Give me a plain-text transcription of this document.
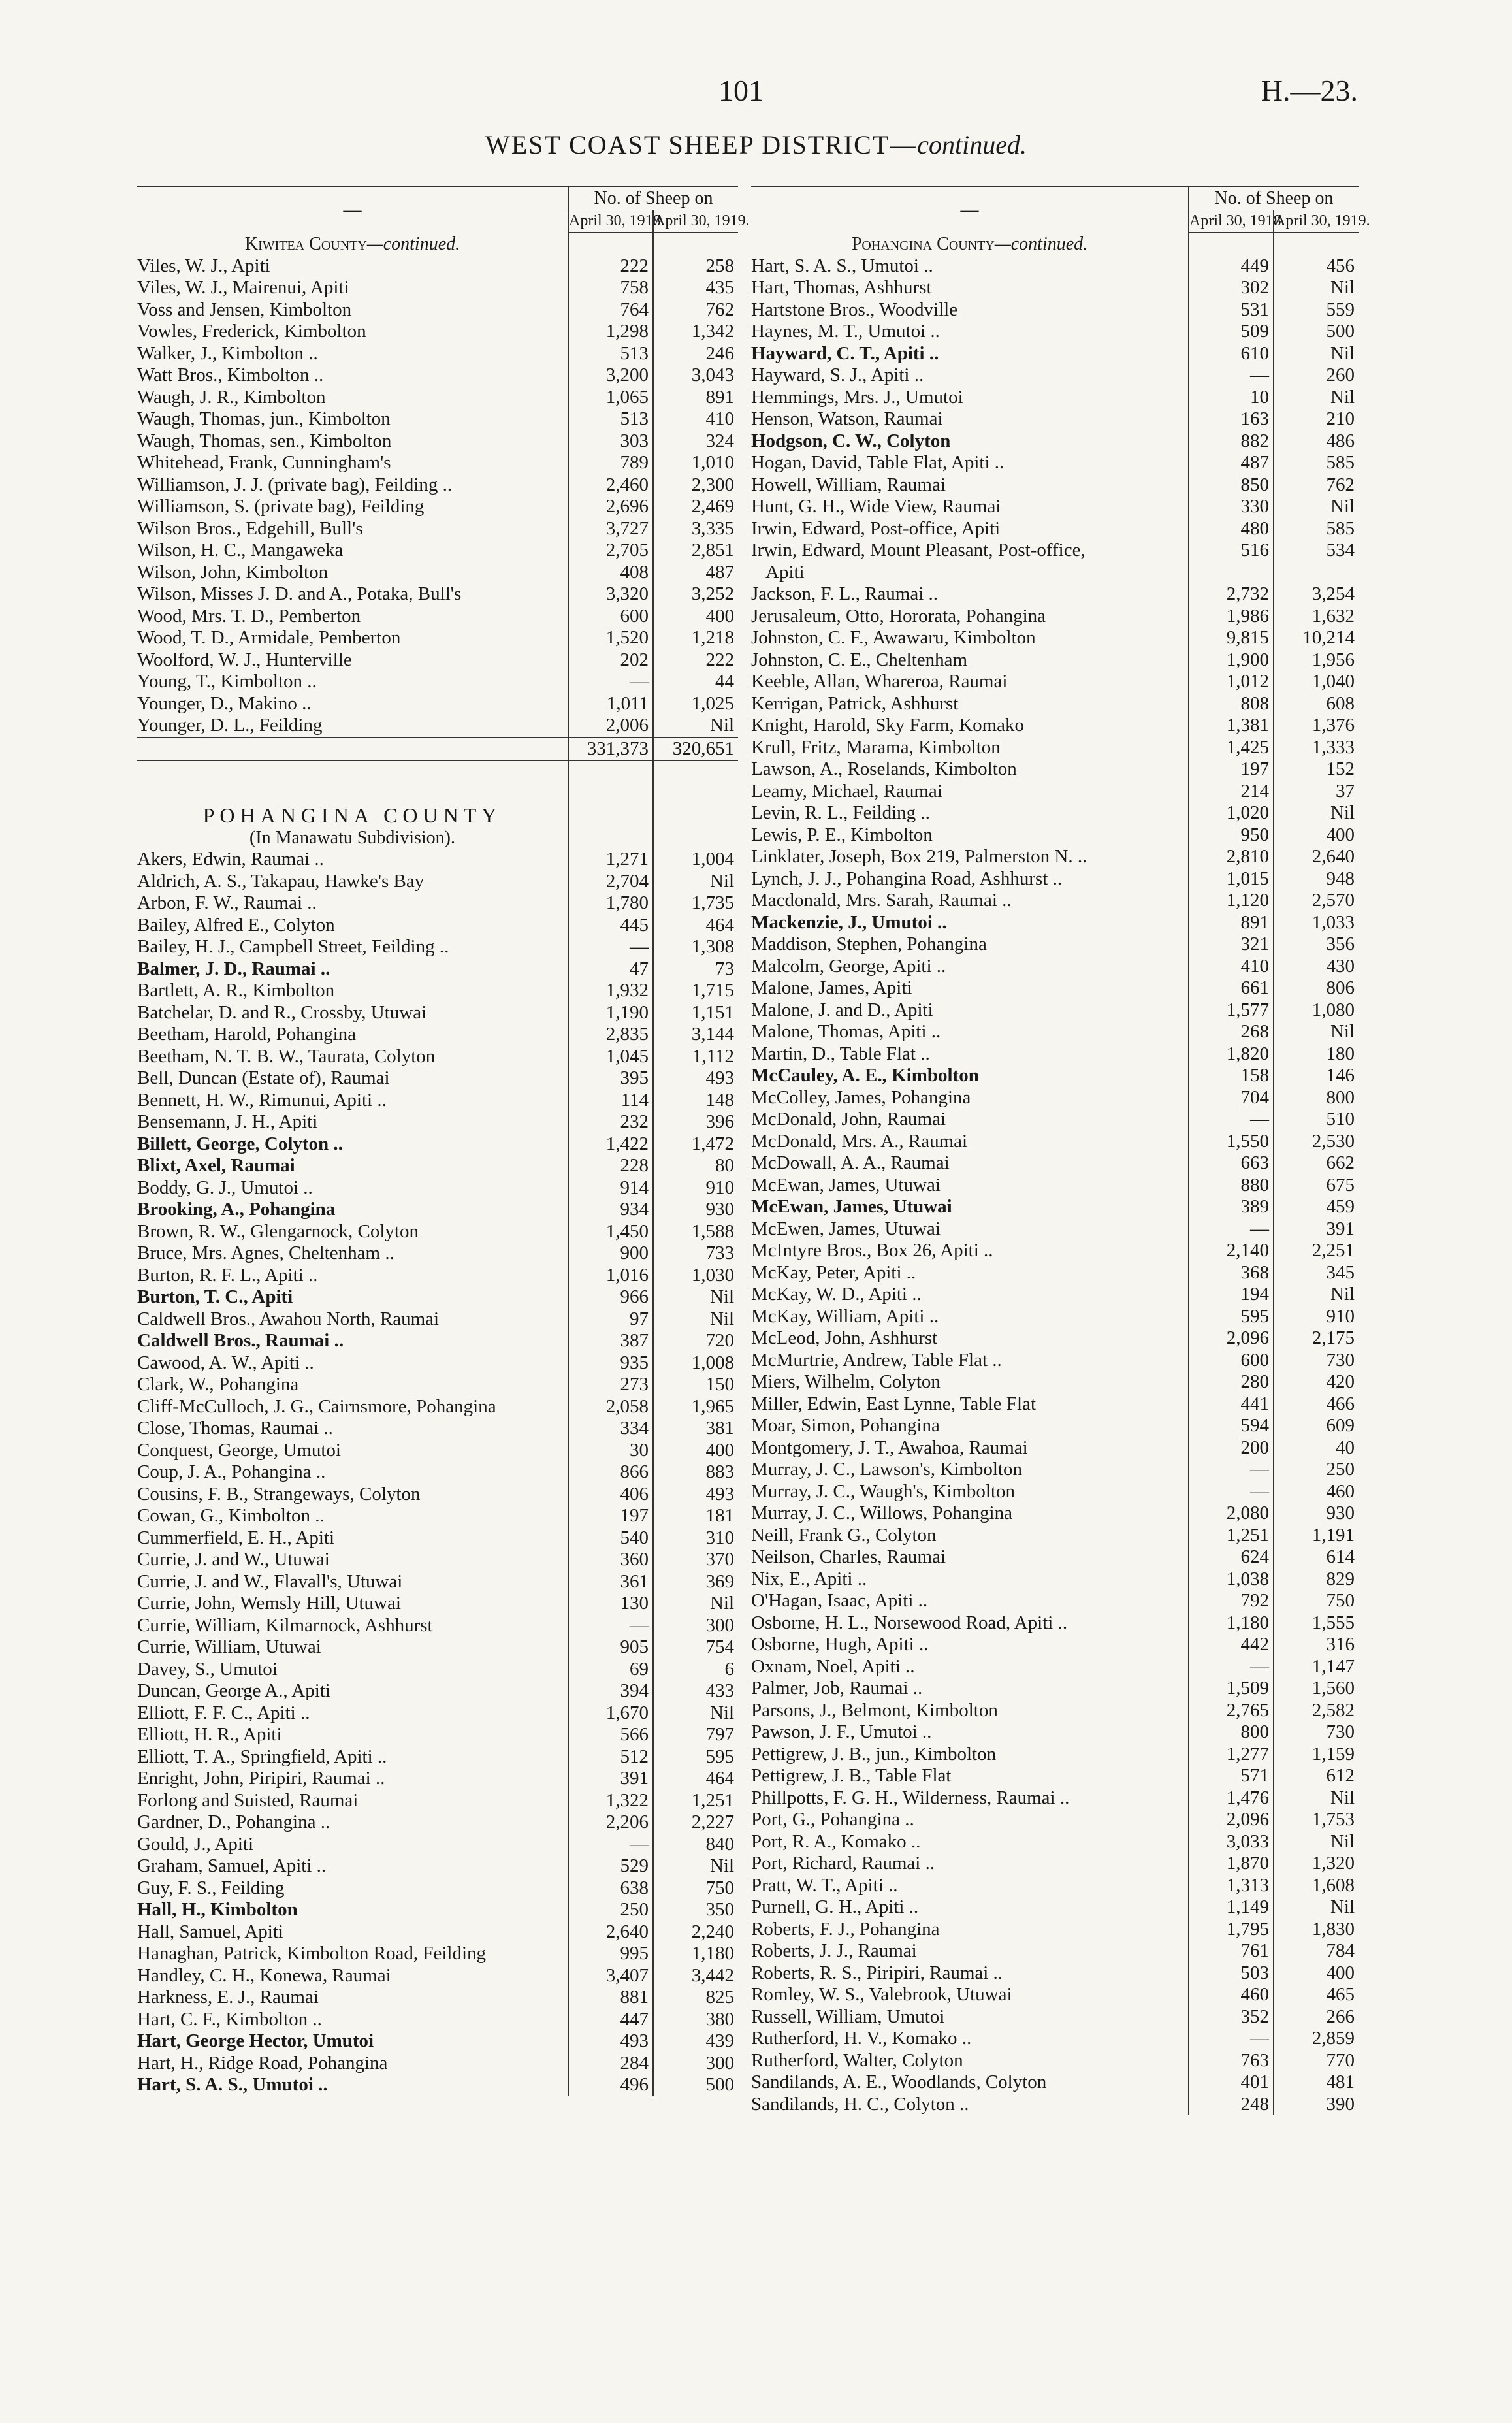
101	H.—23.
WEST COAST SHEEP DISTRICT—continued.
—	No. of Sheep on	
	April 30, 1918.	April 30, 1919.
Kiwitea County—continued.		
Viles, W. J., Apiti	222	258
Viles, W. J., Mairenui, Apiti	758	435
Voss and Jensen, Kimbolton	764	762
Vowles, Frederick, Kimbolton	1,298	1,342
Walker, J., Kimbolton ..	513	246
Watt Bros., Kimbolton ..	3,200	3,043
Waugh, J. R., Kimbolton	1,065	891
Waugh, Thomas, jun., Kimbolton	513	410
Waugh, Thomas, sen., Kimbolton	303	324
Whitehead, Frank, Cunningham's	789	1,010
Williamson, J. J. (private bag), Feilding ..	2,460	2,300
Williamson, S. (private bag), Feilding	2,696	2,469
Wilson Bros., Edgehill, Bull's	3,727	3,335
Wilson, H. C., Mangaweka	2,705	2,851
Wilson, John, Kimbolton	408	487
Wilson, Misses J. D. and A., Potaka, Bull's	3,320	3,252
Wood, Mrs. T. D., Pemberton	600	400
Wood, T. D., Armidale, Pemberton	1,520	1,218
Woolford, W. J., Hunterville	202	222
Young, T., Kimbolton ..	—	44
Younger, D., Makino ..	1,011	1,025
Younger, D. L., Feilding	2,006	Nil
	331,373	320,651

POHANGINA COUNTY		
(In Manawatu Subdivision).		
Akers, Edwin, Raumai ..	1,271	1,004
Aldrich, A. S., Takapau, Hawke's Bay	2,704	Nil
Arbon, F. W., Raumai ..	1,780	1,735
Bailey, Alfred E., Colyton	445	464
Bailey, H. J., Campbell Street, Feilding ..	—	1,308
Balmer, J. D., Raumai ..	47	73
Bartlett, A. R., Kimbolton	1,932	1,715
Batchelar, D. and R., Crossby, Utuwai	1,190	1,151
Beetham, Harold, Pohangina	2,835	3,144
Beetham, N. T. B. W., Taurata, Colyton	1,045	1,112
Bell, Duncan (Estate of), Raumai	395	493
Bennett, H. W., Rimunui, Apiti ..	114	148
Bensemann, J. H., Apiti	232	396
Billett, George, Colyton ..	1,422	1,472
Blixt, Axel, Raumai	228	80
Boddy, G. J., Umutoi ..	914	910
Brooking, A., Pohangina	934	930
Brown, R. W., Glengarnock, Colyton	1,450	1,588
Bruce, Mrs. Agnes, Cheltenham ..	900	733
Burton, R. F. L., Apiti ..	1,016	1,030
Burton, T. C., Apiti	966	Nil
Caldwell Bros., Awahou North, Raumai	97	Nil
Caldwell Bros., Raumai ..	387	720
Cawood, A. W., Apiti ..	935	1,008
Clark, W., Pohangina	273	150
Cliff-McCulloch, J. G., Cairnsmore, Pohangina	2,058	1,965
Close, Thomas, Raumai ..	334	381
Conquest, George, Umutoi	30	400
Coup, J. A., Pohangina ..	866	883
Cousins, F. B., Strangeways, Colyton	406	493
Cowan, G., Kimbolton ..	197	181
Cummerfield, E. H., Apiti	540	310
Currie, J. and W., Utuwai	360	370
Currie, J. and W., Flavall's, Utuwai	361	369
Currie, John, Wemsly Hill, Utuwai	130	Nil
Currie, William, Kilmarnock, Ashhurst	—	300
Currie, William, Utuwai	905	754
Davey, S., Umutoi	69	6
Duncan, George A., Apiti	394	433
Elliott, F. F. C., Apiti ..	1,670	Nil
Elliott, H. R., Apiti	566	797
Elliott, T. A., Springfield, Apiti ..	512	595
Enright, John, Piripiri, Raumai ..	391	464
Forlong and Suisted, Raumai	1,322	1,251
Gardner, D., Pohangina ..	2,206	2,227
Gould, J., Apiti	—	840
Graham, Samuel, Apiti ..	529	Nil
Guy, F. S., Feilding	638	750
Hall, H., Kimbolton	250	350
Hall, Samuel, Apiti	2,640	2,240
Hanaghan, Patrick, Kimbolton Road, Feilding	995	1,180
Handley, C. H., Konewa, Raumai	3,407	3,442
Harkness, E. J., Raumai	881	825
Hart, C. F., Kimbolton ..	447	380
Hart, George Hector, Umutoi	493	439
Hart, H., Ridge Road, Pohangina	284	300
Hart, S. A. S., Umutoi ..	496	500
—	No. of Sheep on	
	April 30, 1918.	April 30, 1919.
Pohangina County—continued.		
Hart, S. A. S., Umutoi ..	449	456
Hart, Thomas, Ashhurst	302	Nil
Hartstone Bros., Woodville	531	559
Haynes, M. T., Umutoi ..	509	500
Hayward, C. T., Apiti ..	610	Nil
Hayward, S. J., Apiti ..	—	260
Hemmings, Mrs. J., Umutoi	10	Nil
Henson, Watson, Raumai	163	210
Hodgson, C. W., Colyton	882	486
Hogan, David, Table Flat, Apiti ..	487	585
Howell, William, Raumai	850	762
Hunt, G. H., Wide View, Raumai	330	Nil
Irwin, Edward, Post-office, Apiti	480	585
Irwin, Edward, Mount Pleasant, Post-office,	516	534
Apiti		
Jackson, F. L., Raumai ..	2,732	3,254
Jerusaleum, Otto, Hororata, Pohangina	1,986	1,632
Johnston, C. F., Awawaru, Kimbolton	9,815	10,214
Johnston, C. E., Cheltenham	1,900	1,956
Keeble, Allan, Whareroa, Raumai	1,012	1,040
Kerrigan, Patrick, Ashhurst	808	608
Knight, Harold, Sky Farm, Komako	1,381	1,376
Krull, Fritz, Marama, Kimbolton	1,425	1,333
Lawson, A., Roselands, Kimbolton	197	152
Leamy, Michael, Raumai	214	37
Levin, R. L., Feilding ..	1,020	Nil
Lewis, P. E., Kimbolton	950	400
Linklater, Joseph, Box 219, Palmerston N. ..	2,810	2,640
Lynch, J. J., Pohangina Road, Ashhurst ..	1,015	948
Macdonald, Mrs. Sarah, Raumai ..	1,120	2,570
Mackenzie, J., Umutoi ..	891	1,033
Maddison, Stephen, Pohangina	321	356
Malcolm, George, Apiti ..	410	430
Malone, James, Apiti	661	806
Malone, J. and D., Apiti	1,577	1,080
Malone, Thomas, Apiti ..	268	Nil
Martin, D., Table Flat ..	1,820	180
McCauley, A. E., Kimbolton	158	146
McColley, James, Pohangina	704	800
McDonald, John, Raumai	—	510
McDonald, Mrs. A., Raumai	1,550	2,530
McDowall, A. A., Raumai	663	662
McEwan, James, Utuwai	880	675
McEwan, James, Utuwai	389	459
McEwen, James, Utuwai	—	391
McIntyre Bros., Box 26, Apiti ..	2,140	2,251
McKay, Peter, Apiti ..	368	345
McKay, W. D., Apiti ..	194	Nil
McKay, William, Apiti ..	595	910
McLeod, John, Ashhurst	2,096	2,175
McMurtrie, Andrew, Table Flat ..	600	730
Miers, Wilhelm, Colyton	280	420
Miller, Edwin, East Lynne, Table Flat	441	466
Moar, Simon, Pohangina	594	609
Montgomery, J. T., Awahoa, Raumai	200	40
Murray, J. C., Lawson's, Kimbolton	—	250
Murray, J. C., Waugh's, Kimbolton	—	460
Murray, J. C., Willows, Pohangina	2,080	930
Neill, Frank G., Colyton	1,251	1,191
Neilson, Charles, Raumai	624	614
Nix, E., Apiti ..	1,038	829
O'Hagan, Isaac, Apiti ..	792	750
Osborne, H. L., Norsewood Road, Apiti ..	1,180	1,555
Osborne, Hugh, Apiti ..	442	316
Oxnam, Noel, Apiti ..	—	1,147
Palmer, Job, Raumai ..	1,509	1,560
Parsons, J., Belmont, Kimbolton	2,765	2,582
Pawson, J. F., Umutoi ..	800	730
Pettigrew, J. B., jun., Kimbolton	1,277	1,159
Pettigrew, J. B., Table Flat	571	612
Phillpotts, F. G. H., Wilderness, Raumai ..	1,476	Nil
Port, G., Pohangina ..	2,096	1,753
Port, R. A., Komako ..	3,033	Nil
Port, Richard, Raumai ..	1,870	1,320
Pratt, W. T., Apiti ..	1,313	1,608
Purnell, G. H., Apiti ..	1,149	Nil
Roberts, F. J., Pohangina	1,795	1,830
Roberts, J. J., Raumai	761	784
Roberts, R. S., Piripiri, Raumai ..	503	400
Romley, W. S., Valebrook, Utuwai	460	465
Russell, William, Umutoi	352	266
Rutherford, H. V., Komako ..	—	2,859
Rutherford, Walter, Colyton	763	770
Sandilands, A. E., Woodlands, Colyton	401	481
Sandilands, H. C., Colyton ..	248	390
